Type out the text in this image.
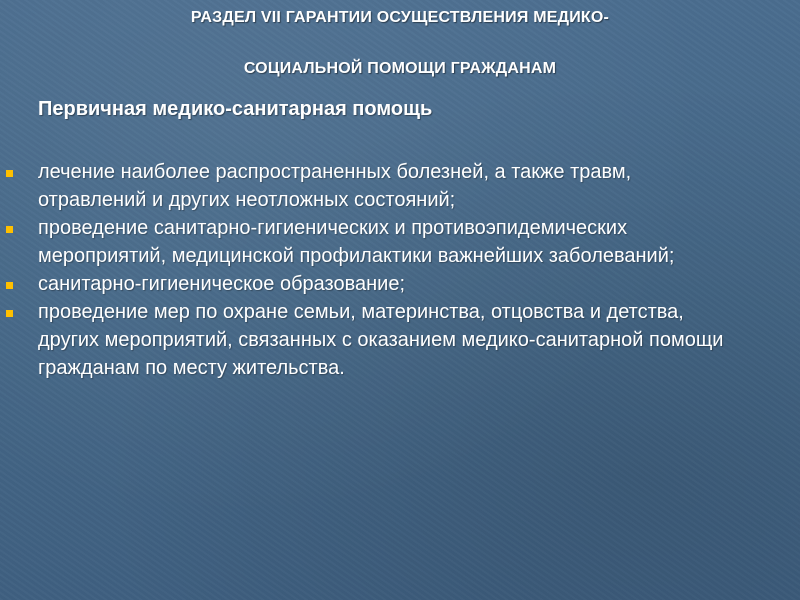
РАЗДЕЛ VII ГАРАНТИИ ОСУЩЕСТВЛЕНИЯ МЕДИКО-
СОЦИАЛЬНОЙ ПОМОЩИ ГРАЖДАНАМ
Первичная медико-санитарная помощь
лечение наиболее распространенных болезней, а также травм, отравлений и других неотложных состояний;
проведение санитарно-гигиенических и противоэпидемических мероприятий, медицинской профилактики важнейших заболеваний;
санитарно-гигиеническое образование;
проведение мер по охране семьи, материнства, отцовства и детства, других мероприятий, связанных с оказанием медико-санитарной помощи гражданам по месту жительства.
